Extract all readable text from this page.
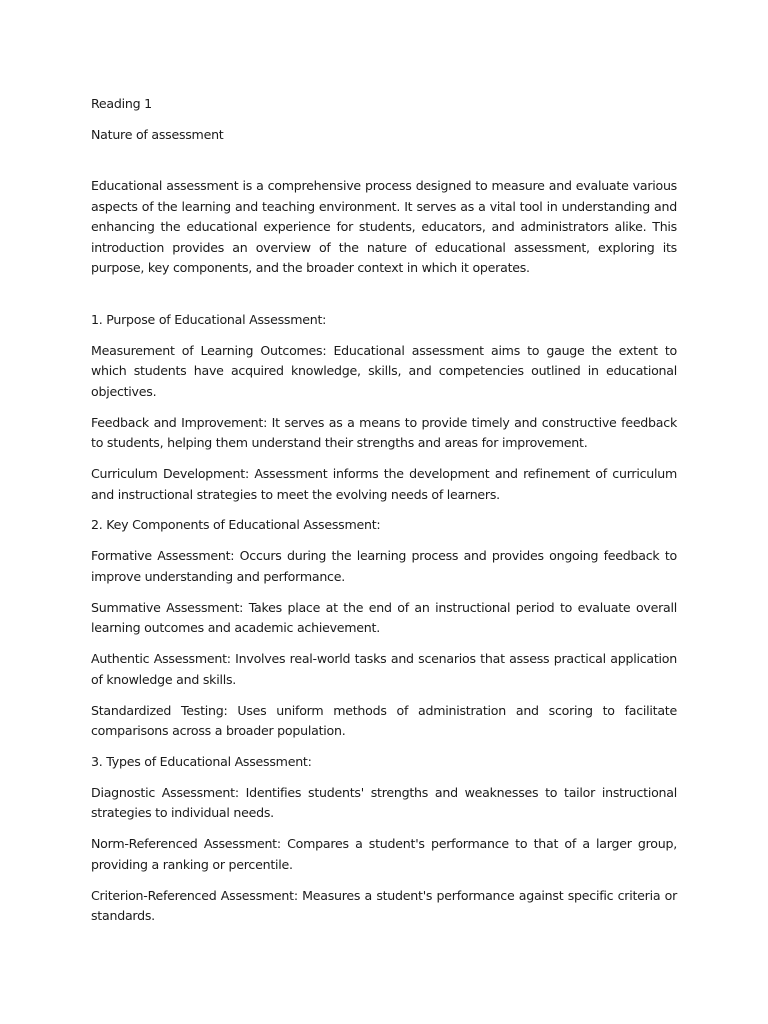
Reading 1

Nature of assessment

Educational assessment is a comprehensive process designed to measure and evaluate various aspects of the learning and teaching environment. It serves as a vital tool in understanding and enhancing the educational experience for students, educators, and administrators alike. This introduction provides an overview of the nature of educational assessment, exploring its purpose, key components, and the broader context in which it operates.

1. Purpose of Educational Assessment:

Measurement of Learning Outcomes: Educational assessment aims to gauge the extent to which students have acquired knowledge, skills, and competencies outlined in educational objectives.

Feedback and Improvement: It serves as a means to provide timely and constructive feedback to students, helping them understand their strengths and areas for improvement.

Curriculum Development: Assessment informs the development and refinement of curriculum and instructional strategies to meet the evolving needs of learners.

2. Key Components of Educational Assessment:

Formative Assessment: Occurs during the learning process and provides ongoing feedback to improve understanding and performance.

Summative Assessment: Takes place at the end of an instructional period to evaluate overall learning outcomes and academic achievement.

Authentic Assessment: Involves real-world tasks and scenarios that assess practical application of knowledge and skills.

Standardized Testing: Uses uniform methods of administration and scoring to facilitate comparisons across a broader population.

3. Types of Educational Assessment:

Diagnostic Assessment: Identifies students' strengths and weaknesses to tailor instructional strategies to individual needs.

Norm-Referenced Assessment: Compares a student's performance to that of a larger group, providing a ranking or percentile.

Criterion-Referenced Assessment: Measures a student's performance against specific criteria or standards.
